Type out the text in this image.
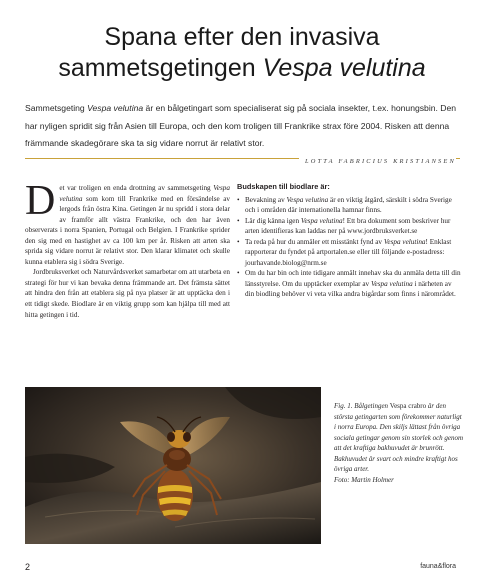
Spana efter den invasiva
sammetsgetingen Vespa velutina

Sammetsgeting Vespa velutina är en bålgetingart som specialiserat sig på sociala insekter, t.ex. honungsbin. Den har nyligen spridit sig från Asien till Europa, och den kom troligen till Frankrike strax före 2004. Risken att denna främmande skadegörare ska ta sig vidare norrut är relativt stor.

LOTTA FABRICIUS KRISTIANSEN

Det var troligen en enda drottning av sammetsgeting Vespa velutina som kom till Frankrike med en försändelse av lergods från östra Kina. Getingen är nu spridd i stora delar av framför allt västra Frankrike, och den har även observerats i norra Spanien, Portugal och Belgien. I Frankrike sprider den sig med en hastighet av ca 100 km per år. Risken att arten ska sprida sig vidare norrut är relativt stor. Den klarar klimatet och skulle kunna etablera sig i södra Sverige.

Jordbruksverket och Naturvårdsverket samarbetar om att utarbeta en strategi för hur vi kan bevaka denna främmande art. Det främsta sättet att hindra den från att etablera sig på nya platser är att upptäcka den i ett tidigt skede. Biodlare är en viktig grupp som kan hjälpa till med att hitta getingen i tid.

Budskapen till biodlare är:
• Bevakning av Vespa velutina är en viktig åtgärd, särskilt i södra Sverige och i områden där internationella hamnar finns.
• Lär dig känna igen Vespa velutina! Ett bra dokument som beskriver hur arten identifieras kan laddas ner på www.jordbruksverket.se
• Ta reda på hur du anmäler ett misstänkt fynd av Vespa velutina! Enklast rapporterar du fyndet på artportalen.se eller till följande e-postadress: jourhavande.biolog@nrm.se
• Om du har bin och inte tidigare anmält innehav ska du anmäla detta till din länsstyrelse. Om du upptäcker exemplar av Vespa velutina i närheten av din biodling behöver vi veta vilka andra bigårdar som finns i närområdet.

Fig. 1. Bålgetingen Vespa crabro är den största getingarten som förekommer naturligt i norra Europa. Den skiljs lättast från övriga sociala getingar genom sin storlek och genom att det kraftiga bakhuvudet är brunrött. Bakhuvudet är svart och mindre kraftigt hos övriga arter.
Foto: Martin Holmer

2	fauna&flora
